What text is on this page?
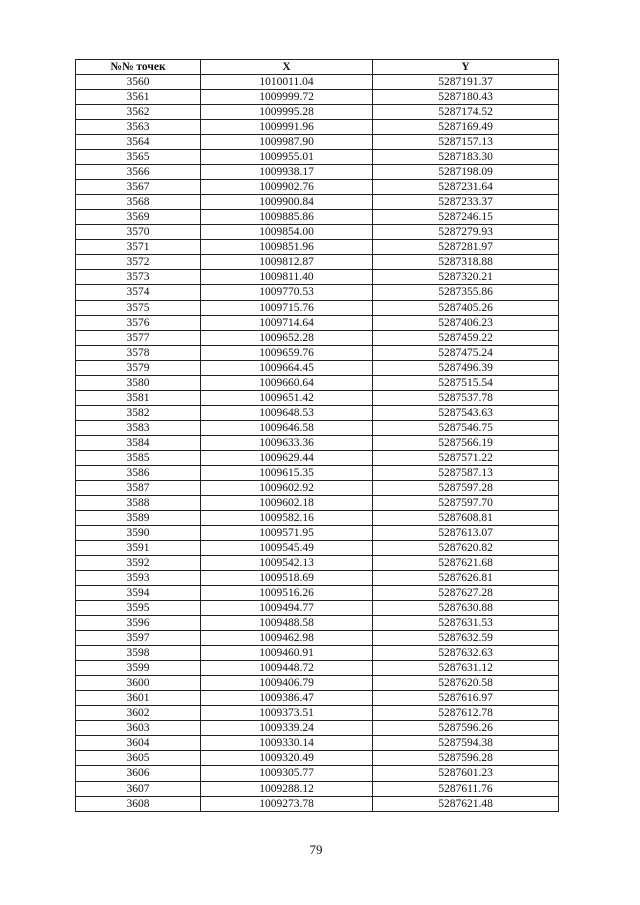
№№ точек	X	Y
3560	1010011.04	5287191.37
3561	1009999.72	5287180.43
3562	1009995.28	5287174.52
3563	1009991.96	5287169.49
3564	1009987.90	5287157.13
3565	1009955.01	5287183.30
3566	1009938.17	5287198.09
3567	1009902.76	5287231.64
3568	1009900.84	5287233.37
3569	1009885.86	5287246.15
3570	1009854.00	5287279.93
3571	1009851.96	5287281.97
3572	1009812.87	5287318.88
3573	1009811.40	5287320.21
3574	1009770.53	5287355.86
3575	1009715.76	5287405.26
3576	1009714.64	5287406.23
3577	1009652.28	5287459.22
3578	1009659.76	5287475.24
3579	1009664.45	5287496.39
3580	1009660.64	5287515.54
3581	1009651.42	5287537.78
3582	1009648.53	5287543.63
3583	1009646.58	5287546.75
3584	1009633.36	5287566.19
3585	1009629.44	5287571.22
3586	1009615.35	5287587.13
3587	1009602.92	5287597.28
3588	1009602.18	5287597.70
3589	1009582.16	5287608.81
3590	1009571.95	5287613.07
3591	1009545.49	5287620.82
3592	1009542.13	5287621.68
3593	1009518.69	5287626.81
3594	1009516.26	5287627.28
3595	1009494.77	5287630.88
3596	1009488.58	5287631.53
3597	1009462.98	5287632.59
3598	1009460.91	5287632.63
3599	1009448.72	5287631.12
3600	1009406.79	5287620.58
3601	1009386.47	5287616.97
3602	1009373.51	5287612.78
3603	1009339.24	5287596.26
3604	1009330.14	5287594.38
3605	1009320.49	5287596.28
3606	1009305.77	5287601.23
3607	1009288.12	5287611.76
3608	1009273.78	5287621.48
79
